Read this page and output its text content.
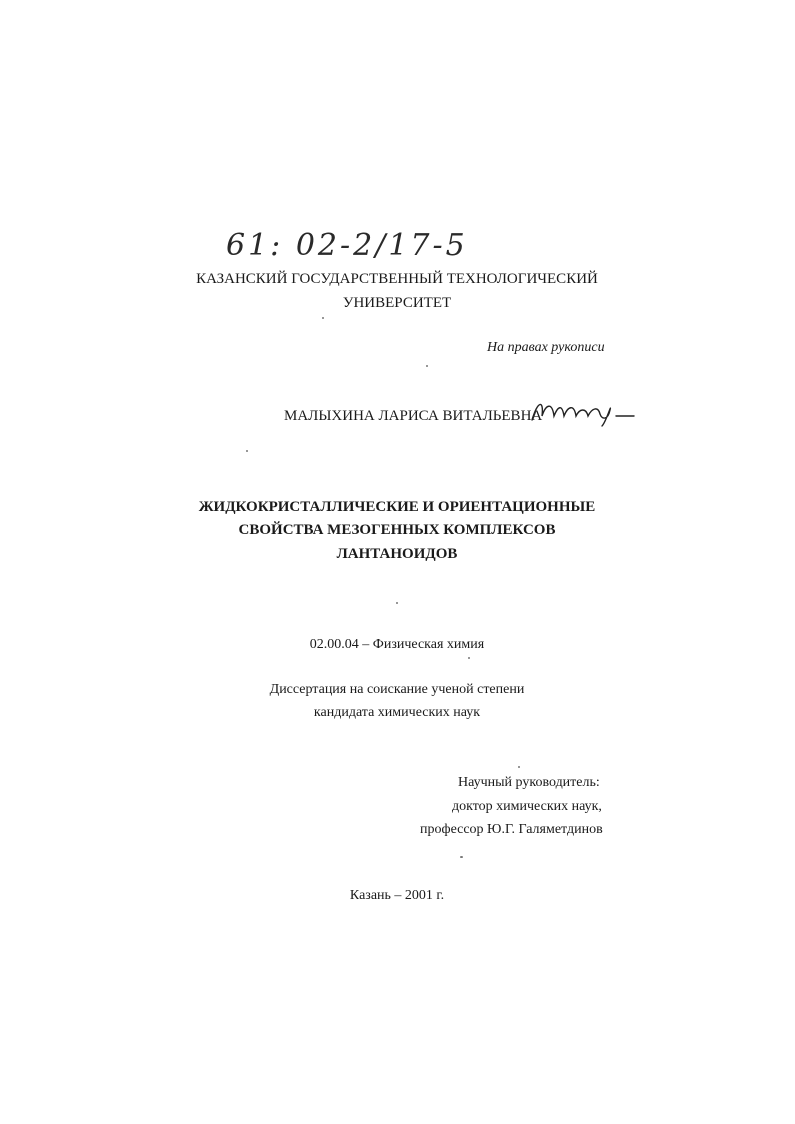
61: 02-2/17-5
КАЗАНСКИЙ ГОСУДАРСТВЕННЫЙ ТЕХНОЛОГИЧЕСКИЙ
УНИВЕРСИТЕТ
На правах рукописи
МАЛЫХИНА ЛАРИСА ВИТАЛЬЕВНА
ЖИДКОКРИСТАЛЛИЧЕСКИЕ И ОРИЕНТАЦИОННЫЕ
СВОЙСТВА МЕЗОГЕННЫХ КОМПЛЕКСОВ
ЛАНТАНОИДОВ
02.00.04 – Физическая химия
Диссертация на соискание ученой степени
кандидата химических наук
Научный руководитель:
доктор химических наук,
профессор Ю.Г. Галяметдинов
Казань – 2001 г.
